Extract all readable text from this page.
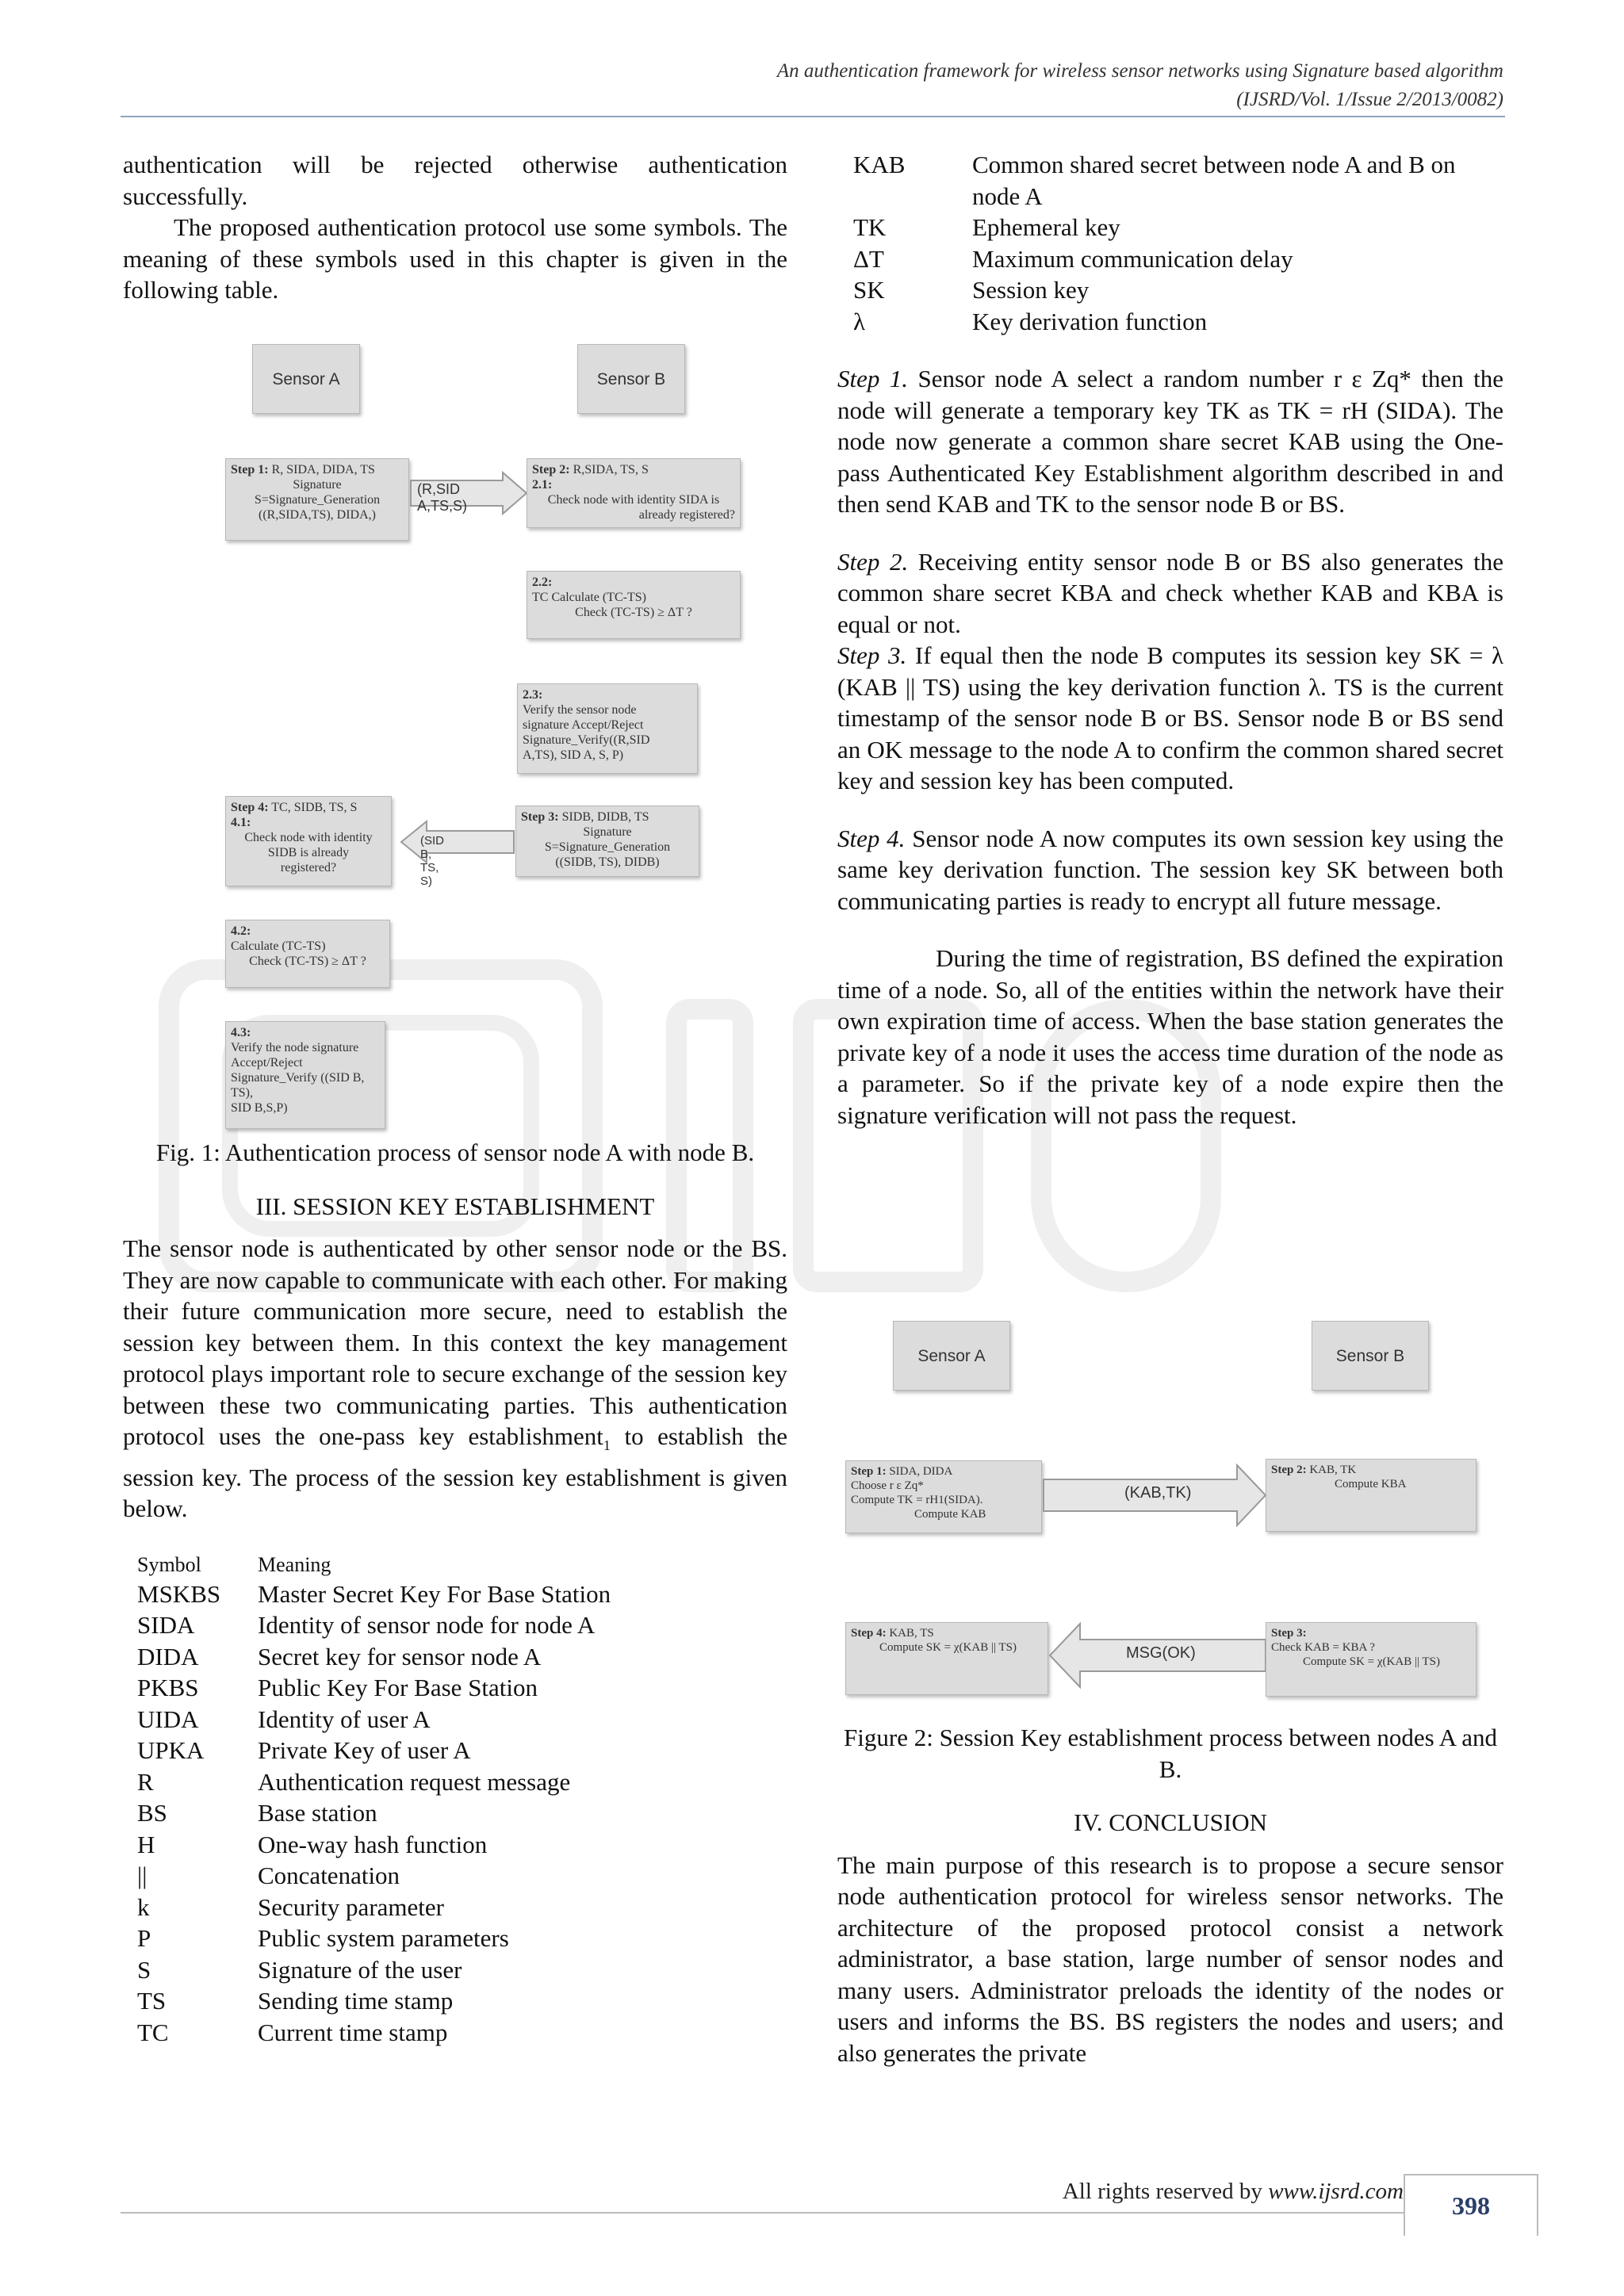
An authentication framework for wireless sensor networks using Signature based algorithm
(IJSRD/Vol. 1/Issue 2/2013/0082)

authentication will be rejected otherwise authentication successfully.

The proposed authentication protocol use some symbols. The meaning of these symbols used in this chapter is given in the following table.

Sensor A	Sensor B
Step 1: R, SIDA, DIDA, TS
Signature
S=Signature_Generation
((R,SIDA,TS), DIDA,)
(R,SID A,TS,S)
Step 2: R,SIDA, TS, S
2.1:
Check node with identity SIDA is
already registered?
2.2:
TC Calculate (TC-TS)
Check (TC-TS) ≥ ΔT ?
2.3:
Verify the sensor node
signature Accept/Reject
Signature_Verify((R,SID
A,TS), SID A, S, P)
Step 4: TC, SIDB, TS, S
4.1:
Check node with identity
SIDB is already
registered?
(SID B, TS, S)
Step 3: SIDB, DIDB, TS
Signature
S=Signature_Generation
((SIDB, TS), DIDB)
4.2:
Calculate (TC-TS)
Check (TC-TS) ≥ ΔT ?
4.3:
Verify the node signature
Accept/Reject
Signature_Verify ((SID B, TS),
SID B,S,P)

Fig. 1: Authentication process of sensor node A with node B.

III. SESSION KEY ESTABLISHMENT

The sensor node is authenticated by other sensor node or the BS. They are now capable to communicate with each other. For making their future communication more secure, need to establish the session key between them. In this context the key management protocol plays important role to secure exchange of the session key between these two communicating parties. This authentication protocol uses the one-pass key establishment$_1$ to establish the session key. The process of the session key establishment is given below.

Symbol	Meaning
MSKBS	Master Secret Key For Base Station
SIDA	Identity of sensor node for node A
DIDA	Secret key for sensor node A
PKBS	Public Key For Base Station
UIDA	Identity of user A
UPKA	Private Key of user A
R	Authentication request message
BS	Base station
H	One-way hash function
||	Concatenation
k	Security parameter
P	Public system parameters
S	Signature of the user
TS	Sending time stamp
TC	Current time stamp
KAB	Common shared secret between node A and B on node A
TK	Ephemeral key
ΔT	Maximum communication delay
SK	Session key
λ	Key derivation function

Step 1. Sensor node A select a random number r ε Zq* then the node will generate a temporary key TK as TK = rH (SIDA). The node now generate a common share secret KAB using the One-pass Authenticated Key Establishment algorithm described in and then send KAB and TK to the sensor node B or BS.

Step 2. Receiving entity sensor node B or BS also generates the common share secret KBA and check whether KAB and KBA is equal or not.

Step 3. If equal then the node B computes its session key SK = λ (KAB || TS) using the key derivation function λ. TS is the current timestamp of the sensor node B or BS. Sensor node B or BS send an OK message to the node A to confirm the common shared secret key and session key has been computed.

Step 4. Sensor node A now computes its own session key using the same key derivation function. The session key SK between both communicating parties is ready to encrypt all future message.

During the time of registration, BS defined the expiration time of a node. So, all of the entities within the network have their own expiration time of access. When the base station generates the private key of a node it uses the access time duration of the node as a parameter. So if the private key of a node expire then the signature verification will not pass the request.

Sensor A	Sensor B
Step 1: SIDA, DIDA
Choose r ε Zq*
Compute TK = rH1(SIDA).
Compute KAB
(KAB,TK)
Step 2: KAB, TK
Compute KBA
Step 4: KAB, TS
Compute SK = χ(KAB || TS)	MSG(OK)
Step 3:
Check KAB = KBA ?
Compute SK = χ(KAB || TS)

Figure 2: Session Key establishment process between nodes A and B.

IV. CONCLUSION

The main purpose of this research is to propose a secure sensor node authentication protocol for wireless sensor networks. The architecture of the proposed protocol consist a network administrator, a base station, large number of sensor nodes and many users. Administrator preloads the identity of the nodes or users and informs the BS. BS registers the nodes and users; and also generates the private

All rights reserved by www.ijsrd.com	398
